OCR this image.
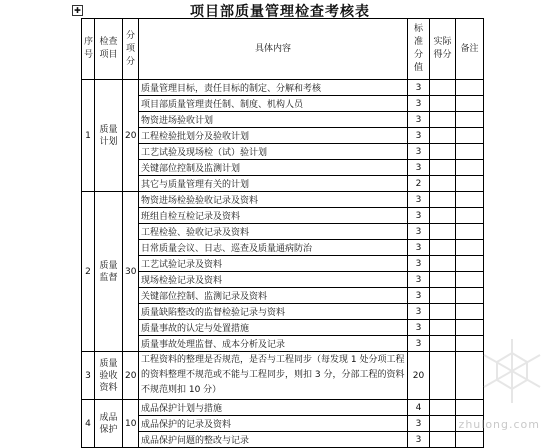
✚	项目部质量管理检查考核表
序号	检查项目	分项分	具体内容	标准分值	实际得分	备注
1	质量计划	20	质量管理目标，责任目标的制定、分解和考核	3		
			项目部质量管理责任制、制度、机构人员	3		
			物资进场验收计划	3		
			工程检验批划分及验收计划	3		
			工艺试验及现场检（试）验计划	3		
			关键部位控制及监测计划	3		
			其它与质量管理有关的计划	2		
2	质量监督	30	物资进场检验验收记录及资料	3		
			班组自检互检记录及资料	3		
			工程检验、验收记录及资料	3		
			日常质量会议、日志、巡查及质量通病防治	3		
			工艺试验记录及资料	3		
			现场检验记录及资料	3		
			关键部位控制、监测记录及资料	3		
			质量缺陷整改的监督检验记录与资料	3		
			质量事故的认定与处置措施	3		
			质量事故处理监督、成本分析及记录	3		
3	质量验收资料	20	工程资料的整理是否规范，是否与工程同步（每发现 1 处分项工程的资料整理不规范或不能与工程同步，则扣 3 分，分部工程的资料不规范则扣 10 分）	20		
4	成品保护	10	成品保护计划与措施	4		
			成品保护的记录及资料	3		
			成品保护问题的整改与记录	3		
zhulong.com
